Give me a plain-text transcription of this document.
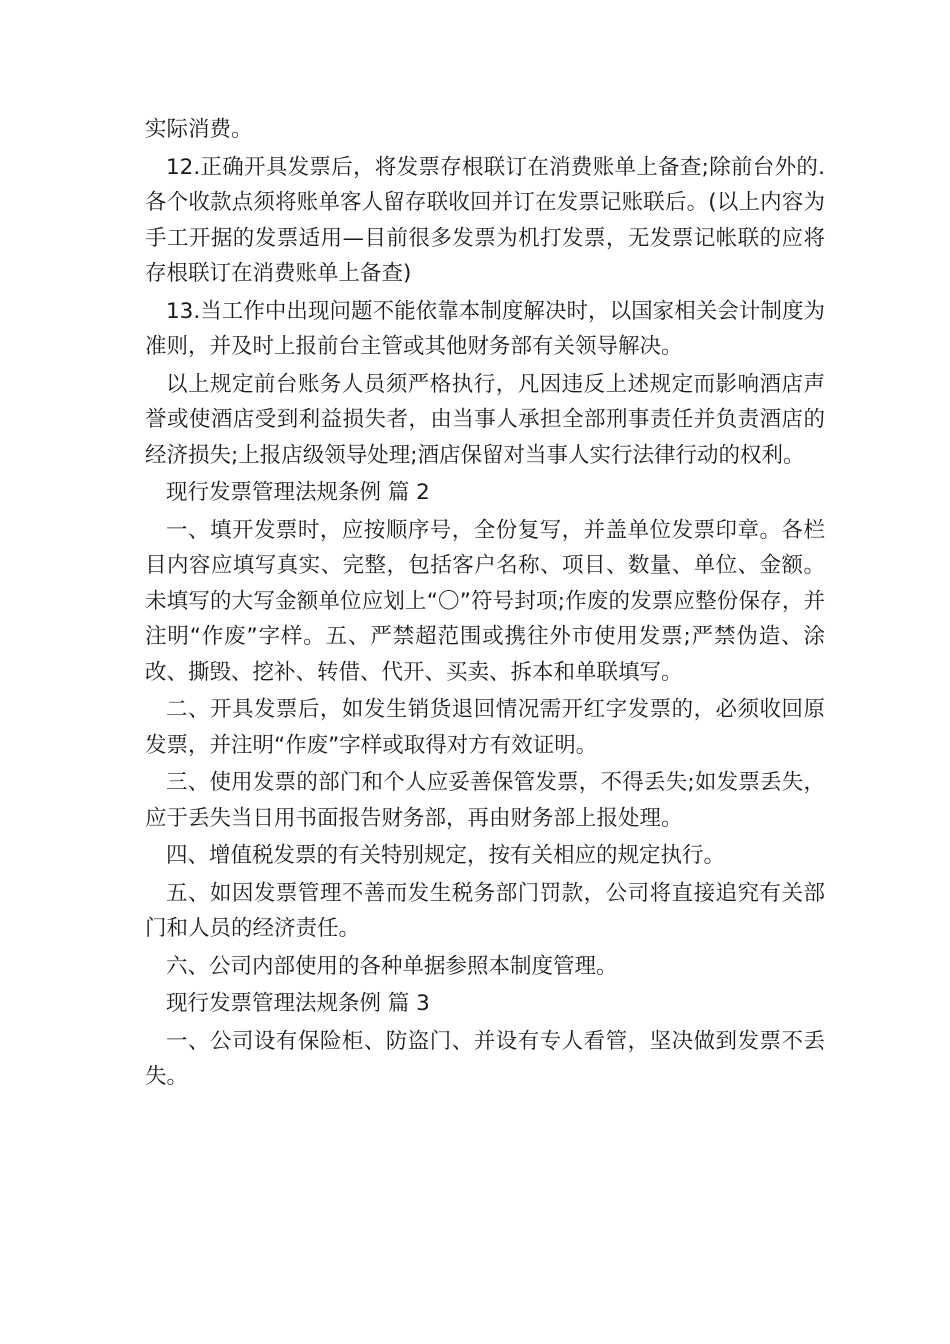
实际消费。

12.正确开具发票后，将发票存根联订在消费账单上备查;除前台外的.各个收款点须将账单客人留存联收回并订在发票记账联后。(以上内容为手工开据的发票适用—目前很多发票为机打发票，无发票记帐联的应将存根联订在消费账单上备查)

13.当工作中出现问题不能依靠本制度解决时，以国家相关会计制度为准则，并及时上报前台主管或其他财务部有关领导解决。

以上规定前台账务人员须严格执行，凡因违反上述规定而影响酒店声誉或使酒店受到利益损失者，由当事人承担全部刑事责任并负责酒店的经济损失;上报店级领导处理;酒店保留对当事人实行法律行动的权利。

现行发票管理法规条例 篇 2

一、填开发票时，应按顺序号，全份复写，并盖单位发票印章。各栏目内容应填写真实、完整，包括客户名称、项目、数量、单位、金额。未填写的大写金额单位应划上“〇”符号封项;作废的发票应整份保存，并注明“作废”字样。五、严禁超范围或携往外市使用发票;严禁伪造、涂改、撕毁、挖补、转借、代开、买卖、拆本和单联填写。

二、开具发票后，如发生销货退回情况需开红字发票的，必须收回原发票，并注明“作废”字样或取得对方有效证明。

三、使用发票的部门和个人应妥善保管发票，不得丢失;如发票丢失，应于丢失当日用书面报告财务部，再由财务部上报处理。

四、增值税发票的有关特别规定，按有关相应的规定执行。

五、如因发票管理不善而发生税务部门罚款，公司将直接追究有关部门和人员的经济责任。

六、公司内部使用的各种单据参照本制度管理。

现行发票管理法规条例 篇 3

一、公司设有保险柜、防盗门、并设有专人看管，坚决做到发票不丢失。
